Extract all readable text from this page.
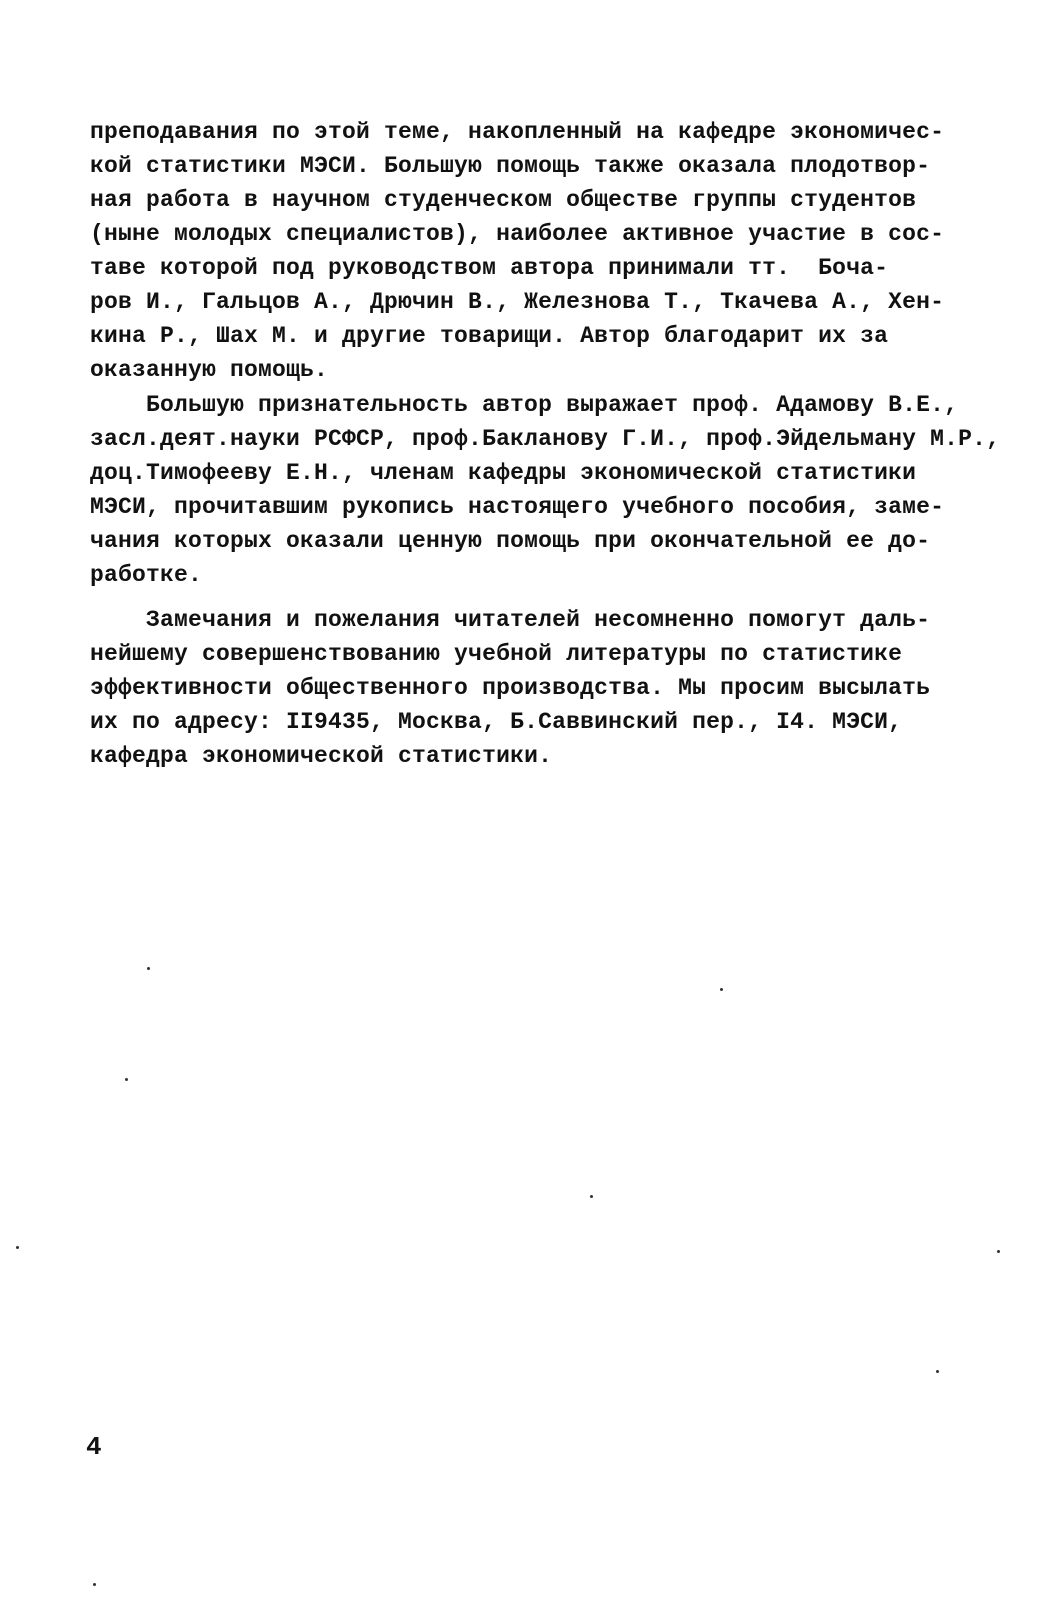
преподавания по этой теме, накопленный на кафедре экономичес-
кой статистики МЭСИ. Большую помощь также оказала плодотвор-
ная работа в научном студенческом обществе группы студентов
(ныне молодых специалистов), наиболее активное участие в сос-
таве которой под руководством автора принимали тт.  Боча-
ров И., Гальцов А., Дрючин В., Железнова Т., Ткачева А., Хен-
кина Р., Шах М. и другие товарищи. Автор благодарит их за
оказанную помощь.
Большую признательность автор выражает проф. Адамову В.Е.,
засл.деят.науки РСФСР, проф.Бакланову Г.И., проф.Эйдельману М.Р.,
доц.Тимофееву Е.Н., членам кафедры экономической статистики
МЭСИ, прочитавшим рукопись настоящего учебного пособия, заме-
чания которых оказали ценную помощь при окончательной ее до-
работке.
Замечания и пожелания читателей несомненно помогут даль-
нейшему совершенствованию учебной литературы по статистике
эффективности общественного производства. Мы просим высылать
их по адресу: II9435, Москва, Б.Саввинский пер., I4. МЭСИ,
кафедра экономической статистики.
4
